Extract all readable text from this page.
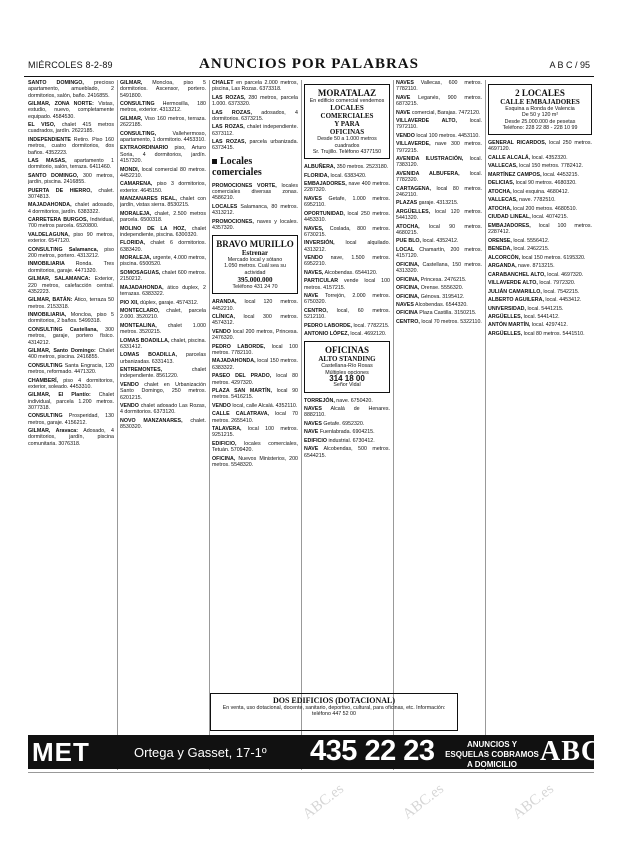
MIÉRCOLES 8-2-89	ANUNCIOS POR PALABRAS	A B C / 95

SANTO DOMINGO, precioso apartamento, amueblado, 2 dormitorios, salón, baño. 2416855.

GILMAR, ZONA NORTE: Vistas, estudio, nuevo, completamente equipado. 4584530.

EL VISO, chalet 415 metros cuadrados, jardín. 2622185.

INDEPENDIENTE Retiro. Piso 160 metros, cuatro dormitorios, dos baños. 4352223.

LAS MASAS, apartamento 1 dormitorio, salón, terraza. 6411460.

SANTO DOMINGO, 300 metros, jardín, piscina. 2416855.

PUERTA DE HIERRO, chalet. 3074813.

MAJADAHONDA, chalet adosado, 4 dormitorios, jardín. 6383322.

CARRETERA BURGOS, Individual, 700 metros parcela. 6520800.

VALDELAGUNA, piso 90 metros, exterior. 6547120.

CONSULTING Salamanca, piso 200 metros, portero. 4313212.

INMOBILIARIA Ronda. Tres dormitorios, garaje. 4471320.

GILMAR, SALAMANCA: Exterior, 220 metros, calefacción central. 4352223.

GILMAR, BATÁN: Ático, terraza 50 metros. 2153318.

INMOBILIARIA, Moncloa, piso 5 dormitorios, 2 baños. 5499318.

CONSULTING Castellana, 300 metros, garaje, portero físico. 4314212.

GILMAR, Santo Domingo: Chalet 400 metros, piscina. 2416855.

CONSULTING Santa Engracia, 120 metros, reformado. 4471320.

CHAMBERÍ, piso 4 dormitorios, exterior, soleado. 4453310.

GILMAR, El Plantío: Chalet individual, parcela 1.200 metros. 3077318.

CONSULTING Prosperidad, 130 metros, garaje. 4156212.

GILMAR, Aravaca: Adosado, 4 dormitorios, jardín, piscina comunitaria. 3076318.

GILMAR, Moncloa, piso 5 dormitorios. Ascensor, portero. 5491800.

CONSULTING Hermosilla, 180 metros, exterior. 4313212.

GILMAR, Viso 160 metros, terraza. 2622185.

CONSULTING,	Vallehermoso, apartamento, 1 dormitorio. 4453310.

EXTRAORDINARIO piso, Arturo Soria, 4 dormitorios, jardín. 4157320.

MONDI, local comercial 80 metros. 4452210.

CAMARENA, piso 3 dormitorios, exterior. 4645150.

MANZANARES REAL, chalet con jardín, vistas sierra. 8530215.

MORALEJA, chalet, 2.500 metros parcela. 6500318.

MOLINO DE LA HOZ, chalet independiente, piscina. 6300320.

FLORIDA, chalet 6 dormitorios. 6383420.

MORALEJA, urgente, 4.000 metros, piscina. 6500520.

SOMOSAGUAS, chalet 600 metros. 2150212.

MAJADAHONDA, ático duplex, 2 terrazas. 6383322.

PIO XII, dúplex, garaje. 4574312.

MONTECLARO, chalet, parcela 2.000. 3520210.

MONTEALINA, chalet 1.000 metros. 3520215.

LOMAS BOADILLA, chalet, piscina. 6331412.

LOMAS BOADILLA, parcelas urbanizadas. 6331413.

ENTREMONTES,	chalet independiente. 8561220.

VENDO chalet en Urbanización Santo Domingo, 250 metros. 6201215.

VENDO chalet adosado Las Rozas, 4 dormitorios. 6373120.

NOVO MANZANARES, chalet. 8530320.

CHALET en parcela 2.000 metros, piscina, Las Rozas. 6373318.

LAS ROZAS, 280 metros, parcela 1.000. 6373320.

LAS ROZAS, adosados, 4 dormitorios. 6373215.

LAS ROZAS, chalet independiente. 6373112.

LAS ROZAS, parcela urbanizada. 6373415.

Locales comerciales

PROMOCIONES VORTE, locales comerciales diversas zonas. 4586210.

LOCALES Salamanca, 80 metros. 4313212.

PROMOCIONES, naves y locales. 4357320.

BRAVO MURILLO
Estrenar
Mercado local y sótano
1.050 metros. Cuál sea su actividad
395.000.000
Teléfono 431 24 70

ARANDA, local 120 metros. 4452210.

CLÍNICA, local 300 metros. 4574312.

VENDO local 200 metros, Princesa. 2476320.

PEDRO LABORDE, local 100 metros. 7782110.

MAJADAHONDA, local 150 metros. 6383322.

PASEO DEL PRADO, local 80 metros. 4297320.

PLAZA SAN MARTÍN, local 90 metros. 5416215.

VENDO local, calle Alcalá. 4352110.

CALLE CALATRAVA, local 70 metros. 2655410.

TALAVERA, local 100 metros. 9251215.

EDIFICIO, locales comerciales, Tetuán. 5709420.

OFICINA, Nuevos Ministerios, 200 metros. 5548320.

MORATALAZ
En edificio comercial vendemos
LOCALES
COMERCIALES
Y PARA
OFICINAS
Desde 50 a 1.000 metros cuadrados
Sr. Trujillo. Teléfono 4377150

ALBUÑERA, 350 metros. 2523180.

FLORIDA, local. 6383420.

EMBAJADORES, nave 400 metros. 2287320.

NAVES Getafe, 1.000 metros. 6952110.

OPORTUNIDAD, local 250 metros. 4453310.

NAVES, Coslada, 800 metros. 6730215.

INVERSIÓN, local alquilado. 4313212.

VENDO nave, 1.500 metros. 6952210.

NAVES, Alcobendas. 6544120.

PARTICULAR vende local 100 metros. 4157215.

NAVE Torrejón, 2.000 metros. 6750320.

CENTRO, local, 60 metros. 5212110.

PEDRO LABORDE, local. 7782215.

ANTONIO LÓPEZ, local. 4692120.

OFICINAS
ALTO STANDING
Castellana-Río Rosas
Múltiples opciones
314 18 00
Señor Vidal

TORREJÓN, nave. 6750420.

NAVES Alcalá de Henares. 8882110.

NAVES Getafe. 6952320.

NAVE Fuenlabrada. 6904215.

EDIFICIO industrial. 6730412.

NAVE Alcobendas, 500 metros. 6544215.

NAVES Vallecas, 600 metros. 7782110.

NAVE Leganés, 900 metros. 6873215.

NAVE comercial, Barajas. 7472120.

VILLAVERDE ALTO, local. 7972110.

VENDO local 100 metros. 4453110.

VILLAVERDE, nave 300 metros. 7972215.

AVENIDA ILUSTRACIÓN, local. 7383120.

AVENIDA ALBUFERA, local. 7782320.

CARTAGENA, local 80 metros. 2462110.

PLAZAS garaje. 4313215.

ARGÜELLES, local 120 metros. 5441320.

ATOCHA, local 90 metros. 4680215.

PUE BLO, local. 4352412.

LOCAL Chamartín, 200 metros. 4157120.

OFICINA, Castellana, 150 metros. 4313320.

OFICINA, Princesa. 2476215.

OFICINA, Orense. 5556320.

OFICINA, Génova. 3195412.

NAVES Alcobendas. 6544320.

OFICINA Plaza Castilla. 3150215.

CENTRO, local 70 metros. 5322110.

2 LOCALES
CALLE EMBAJADORES
Esquina a Ronda de Valencia
De 50 y 120 m²
Desde 25.000.000 de pesetas
Teléfono: 228 22 88 - 228 10 99

GENERAL RICARDOS, local 250 metros. 4697120.

CALLE ALCALÁ, local. 4352320.

VALLECAS, local 150 metros. 7782412.

MARTÍNEZ CAMPOS, local. 4453215.

DELICIAS, local 90 metros. 4680320.

ATOCHA, local esquina. 4680412.

VALLECAS, nave. 7782510.

ATOCHA, local 200 metros. 4680510.

CIUDAD LINEAL, local. 4074215.

EMBAJADORES, local 100 metros. 2287412.

ORENSE, local. 5556412.

BENEDA, local. 2462215.

ALCORCÓN, local 150 metros. 6195320.

ARGANDA, nave. 8713215.

CARABANCHEL ALTO, local. 4697320.

VILLAVERDE ALTO, local. 7972320.

JULIÁN CAMARILLO, local. 7542215.

ALBERTO AGUILERA, local. 4453412.

UNIVERSIDAD, local. 5441215.

ARGÜELLES, local. 5441412.

ANTÓN MARTÍN, local. 4297412.

ARGÜELLES, local 80 metros. 5441510.

DOS EDIFICIOS (DOTACIONAL)
En venta, uso dotacional, docente, sanitario, deportivo, cultural, para oficinas, etc. Información: teléfono 447 52 00
MET	Ortega y Gasset, 17-1º 435 22 23	ANUNCIOS Y ESQUELAS COBRAMOS A DOMICILIO ABC
ABC.es	ABC.es	ABC.es
